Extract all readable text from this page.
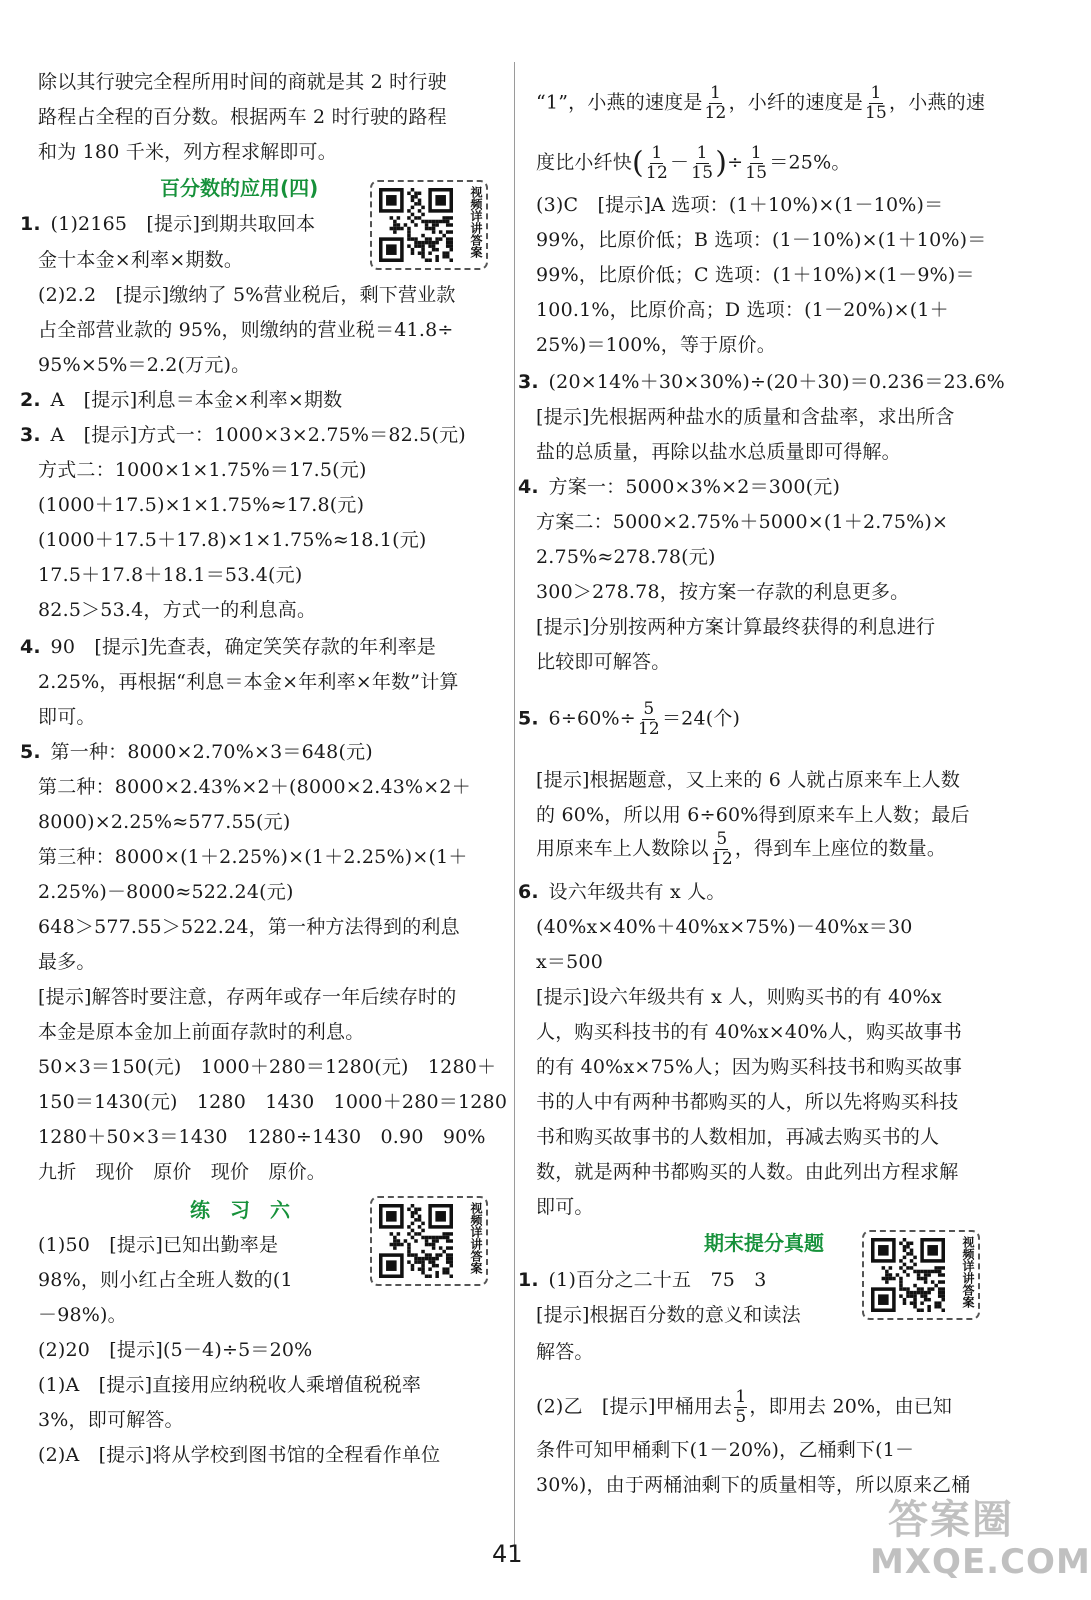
除以其行驶完全程所用时间的商就是其 2 时行驶
路程占全程的百分数。根据两车 2 时行驶的路程
和为 180 千米，列方程求解即可。
百分数的应用(四)	视频详讲答案
1.  (1)2165  [提示]到期共取回本
金十本金×利率×期数。
(2)2.2  [提示]缴纳了 5%营业税后，剩下营业款
占全部营业款的 95%，则缴纳的营业税＝41.8÷
95%×5%＝2.2(万元)。
2.  A  [提示]利息＝本金×利率×期数
3.  A  [提示]方式一：1000×3×2.75%＝82.5(元)
方式二：1000×1×1.75%＝17.5(元)
(1000＋17.5)×1×1.75%≈17.8(元)
(1000＋17.5＋17.8)×1×1.75%≈18.1(元)
17.5＋17.8＋18.1＝53.4(元)
82.5＞53.4，方式一的利息高。
4.  90  [提示]先查表，确定笑笑存款的年利率是
2.25%，再根据“利息＝本金×年利率×年数”计算
即可。
5.  第一种：8000×2.70%×3＝648(元)
第二种：8000×2.43%×2＋(8000×2.43%×2＋
8000)×2.25%≈577.55(元)
第三种：8000×(1＋2.25%)×(1＋2.25%)×(1＋
2.25%)－8000≈522.24(元)
648＞577.55＞522.24，第一种方法得到的利息
最多。
[提示]解答时要注意，存两年或存一年后续存时的
本金是原本金加上前面存款时的利息。
50×3＝150(元)　1000＋280＝1280(元)　1280＋
150＝1430(元)　1280　1430　1000＋280＝1280
1280＋50×3＝1430　1280÷1430　0.90　90%
九折　现价　原价　现价　原价。
练　习　六	视频详讲答案
(1)50  [提示]已知出勤率是
98%，则小红占全班人数的(1
－98%)。
(2)20  [提示](5－4)÷5＝20%
(1)A  [提示]直接用应纳税收人乘增值税税率
3%，即可解答。
(2)A  [提示]将从学校到图书馆的全程看作单位
“1”，小燕的速度是 $\frac{1}{12}$ ，小纤的速度是 $\frac{1}{15}$ ，小燕的速
度比小纤快( $\frac{1}{12} - \frac{1}{15}$ )÷ $\frac{1}{15} =25\%$。
(3)C  [提示]A 选项：(1＋10%)×(1－10%)＝
99%，比原价低；B 选项：(1－10%)×(1＋10%)＝
99%，比原价低；C 选项：(1＋10%)×(1－9%)＝
100.1%，比原价高；D 选项：(1－20%)×(1＋
25%)＝100%，等于原价。
3.  (20×14%＋30×30%)÷(20＋30)＝0.236＝23.6%
[提示]先根据两种盐水的质量和含盐率，求出所含
盐的总质量，再除以盐水总质量即可得解。
4.  方案一：5000×3%×2＝300(元)
方案二：5000×2.75%＋5000×(1＋2.75%)×
2.75%≈278.78(元)
300＞278.78，按方案一存款的利息更多。
[提示]分别按两种方案计算最终获得的利息进行
比较即可解答。
5.  $6\div 60\%\div \frac{5}{12} =24$(个)
[提示]根据题意，又上来的 6 人就占原来车上人数
的 60%，所以用 6÷60%得到原来车上人数；最后
用原来车上人数除以 $\frac{5}{12}$ ，得到车上座位的数量。
6.  设六年级共有 x 人。
(40%x×40%＋40%x×75%)－40%x＝30
x＝500
[提示]设六年级共有 x 人，则购买书的有 40%x
人，购买科技书的有 40%x×40%人，购买故事书
的有 40%x×75%人；因为购买科技书和购买故事
书的人中有两种书都购买的人，所以先将购买科技
书和购买故事书的人数相加，再减去购买书的人
数，就是两种书都购买的人数。由此列出方程求解
即可。
期末提分真题	视频详讲答案
1.  (1)百分之二十五　75　3
[提示]根据百分数的意义和读法
解答。
(2)乙 [提示]甲桶用去 $\frac{1}{5}$ ，即用去 20%，由已知
条件可知甲桶剩下(1－20%)，乙桶剩下(1－
30%)，由于两桶油剩下的质量相等，所以原来乙桶
41
答案圈
MXQE.COM
